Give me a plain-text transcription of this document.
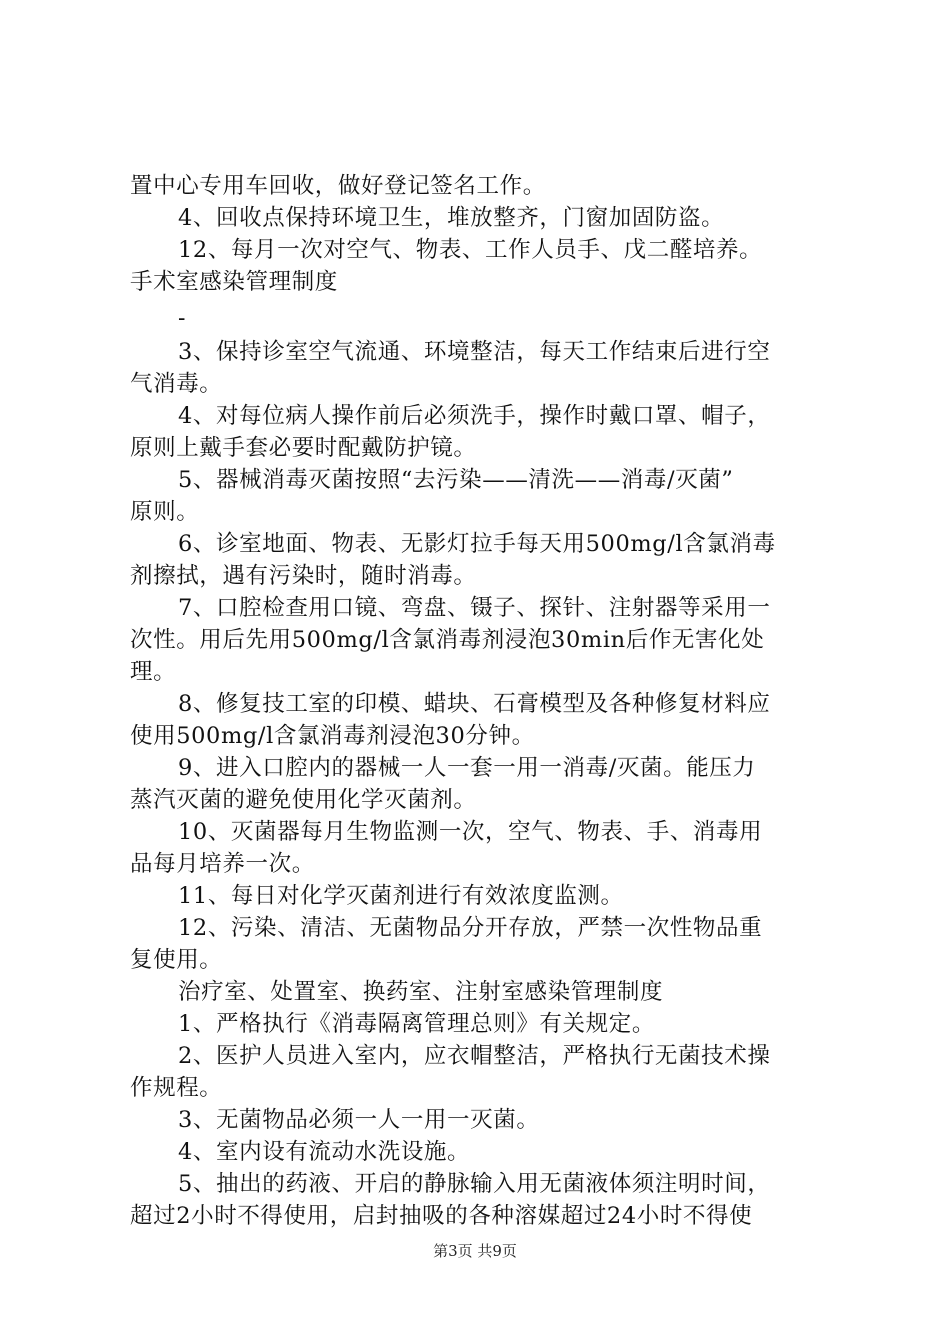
置中心专用车回收，做好登记签名工作。
4、回收点保持环境卫生，堆放整齐，门窗加固防盗。
12、每月一次对空气、物表、工作人员手、戊二醛培养。
手术室感染管理制度
-
3、保持诊室空气流通、环境整洁，每天工作结束后进行空
气消毒。
4、对每位病人操作前后必须洗手，操作时戴口罩、帽子，
原则上戴手套必要时配戴防护镜。
5、器械消毒灭菌按照“去污染——清洗——消毒/灭菌”
原则。
6、诊室地面、物表、无影灯拉手每天用500mg/l含氯消毒
剂擦拭，遇有污染时，随时消毒。
7、口腔检查用口镜、弯盘、镊子、探针、注射器等采用一
次性。用后先用500mg/l含氯消毒剂浸泡30min后作无害化处
理。
8、修复技工室的印模、蜡块、石膏模型及各种修复材料应
使用500mg/l含氯消毒剂浸泡30分钟。
9、进入口腔内的器械一人一套一用一消毒/灭菌。能压力
蒸汽灭菌的避免使用化学灭菌剂。
10、灭菌器每月生物监测一次，空气、物表、手、消毒用
品每月培养一次。
11、每日对化学灭菌剂进行有效浓度监测。
12、污染、清洁、无菌物品分开存放，严禁一次性物品重
复使用。
治疗室、处置室、换药室、注射室感染管理制度
1、严格执行《消毒隔离管理总则》有关规定。
2、医护人员进入室内，应衣帽整洁，严格执行无菌技术操
作规程。
3、无菌物品必须一人一用一灭菌。
4、室内设有流动水洗设施。
5、抽出的药液、开启的静脉输入用无菌液体须注明时间，
超过2小时不得使用，启封抽吸的各种溶媒超过24小时不得使
第3页 共9页
